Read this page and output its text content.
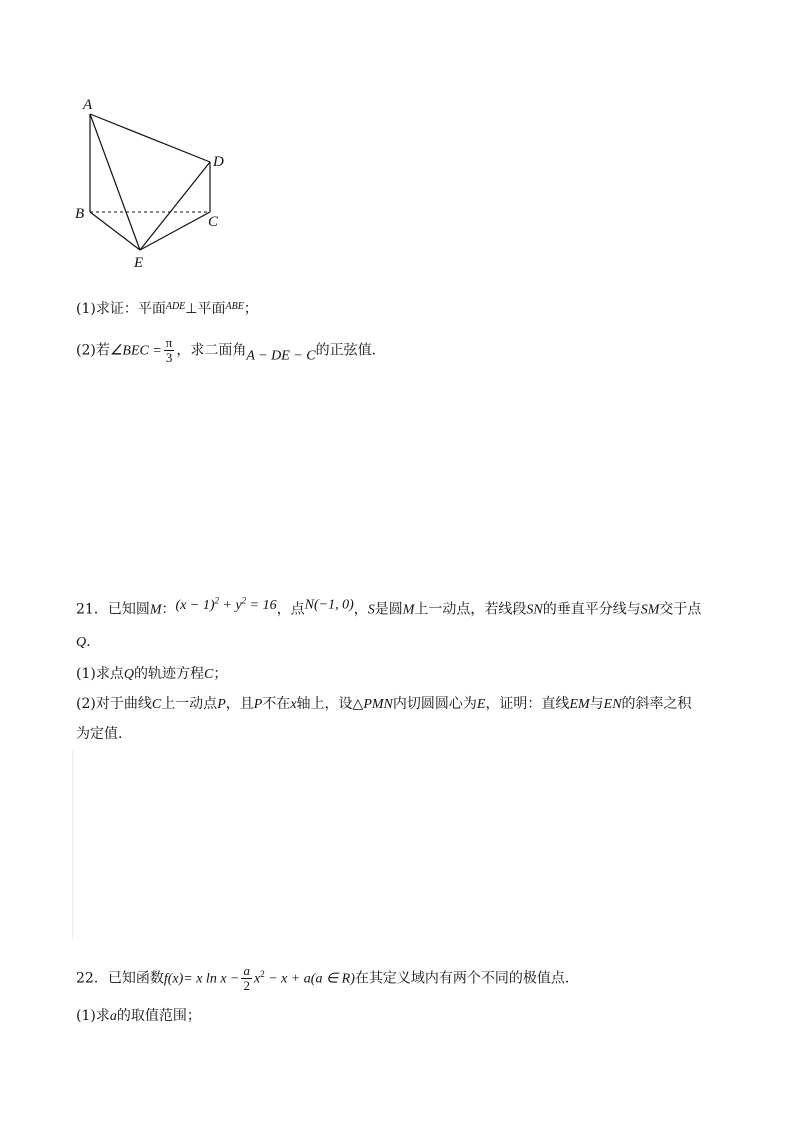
A
B	C
D
E
(1)求证：平面$^{ADE}$⊥平面$^{ABE}$；
(2)若∠BEC = $\frac{\pi}{3}$ ，求二面角A − DE − C的正弦值.
21．已知圆M：$(x - 1)^2 + y^2 = 16$，点N(−1, 0)，S是圆M上一动点，若线段SN的垂直平分线与SM交于点
Q.
(1)求点Q的轨迹方程C；
(2)对于曲线C上一动点P，且P不在x轴上，设△PMN内切圆圆心为E，证明：直线EM与EN的斜率之积
为定值.
22．已知函数f(x)= x $\ln x - \frac{a}{2} x^2 - x + a(a$ ∈ R)在其定义域内有两个不同的极值点.
(1)求a的取值范围；
